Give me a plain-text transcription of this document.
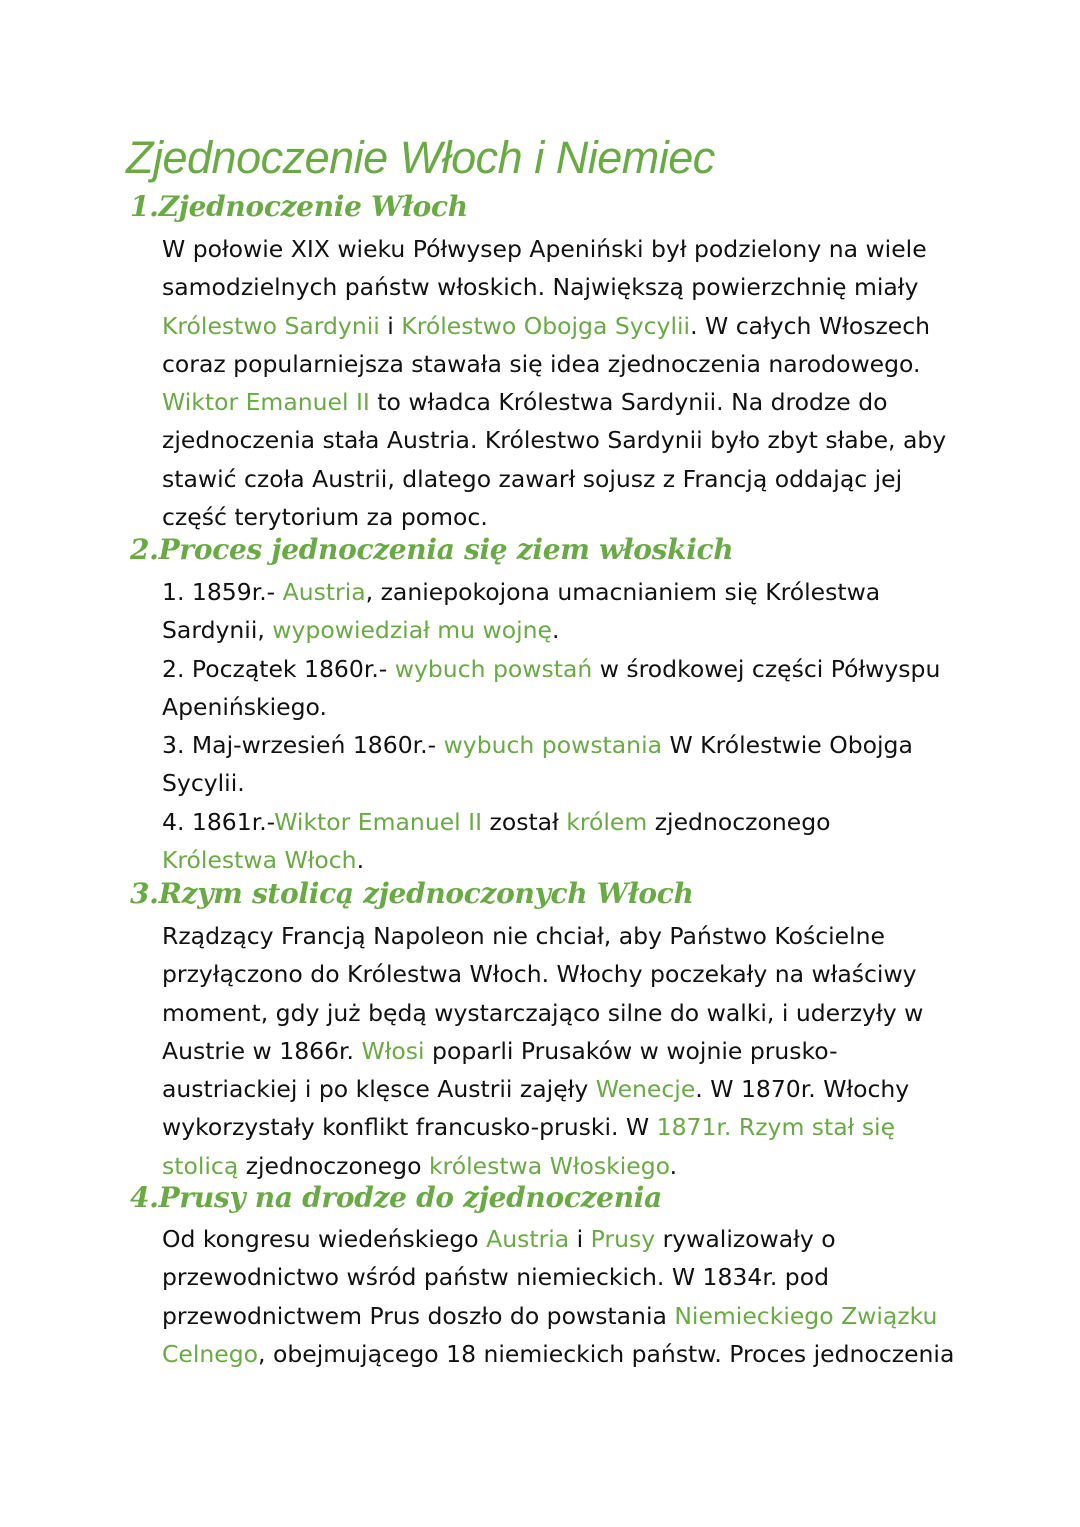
Zjednoczenie Włoch i Niemiec
1.Zjednoczenie Włoch
W połowie XIX wieku Półwysep Apeniński był podzielony na wiele
samodzielnych państw włoskich. Największą powierzchnię miały
Królestwo Sardynii i Królestwo Obojga Sycylii. W całych Włoszech
coraz popularniejsza stawała się idea zjednoczenia narodowego.
Wiktor Emanuel II to władca Królestwa Sardynii. Na drodze do
zjednoczenia stała Austria. Królestwo Sardynii było zbyt słabe, aby
stawić czoła Austrii, dlatego zawarł sojusz z Francją oddając jej
część terytorium za pomoc.
2.Proces jednoczenia się ziem włoskich
1. 1859r.- Austria, zaniepokojona umacnianiem się Królestwa
Sardynii, wypowiedział mu wojnę.
2. Początek 1860r.- wybuch powstań w środkowej części Półwyspu
Apenińskiego.
3. Maj-wrzesień 1860r.- wybuch powstania W Królestwie Obojga
Sycylii.
4. 1861r.-Wiktor Emanuel II został królem zjednoczonego
Królestwa Włoch.
3.Rzym stolicą zjednoczonych Włoch
Rządzący Francją Napoleon nie chciał, aby Państwo Kościelne
przyłączono do Królestwa Włoch. Włochy poczekały na właściwy
moment, gdy już będą wystarczająco silne do walki, i uderzyły w
Austrie w 1866r. Włosi poparli Prusaków w wojnie prusko-
austriackiej i po klęsce Austrii zajęły Wenecje. W 1870r. Włochy
wykorzystały konflikt francusko-pruski. W 1871r. Rzym stał się
stolicą zjednoczonego królestwa Włoskiego.
4.Prusy na drodze do zjednoczenia
Od kongresu wiedeńskiego Austria i Prusy rywalizowały o
przewodnictwo wśród państw niemieckich. W 1834r. pod
przewodnictwem Prus doszło do powstania Niemieckiego Związku
Celnego, obejmującego 18 niemieckich państw. Proces jednoczenia
